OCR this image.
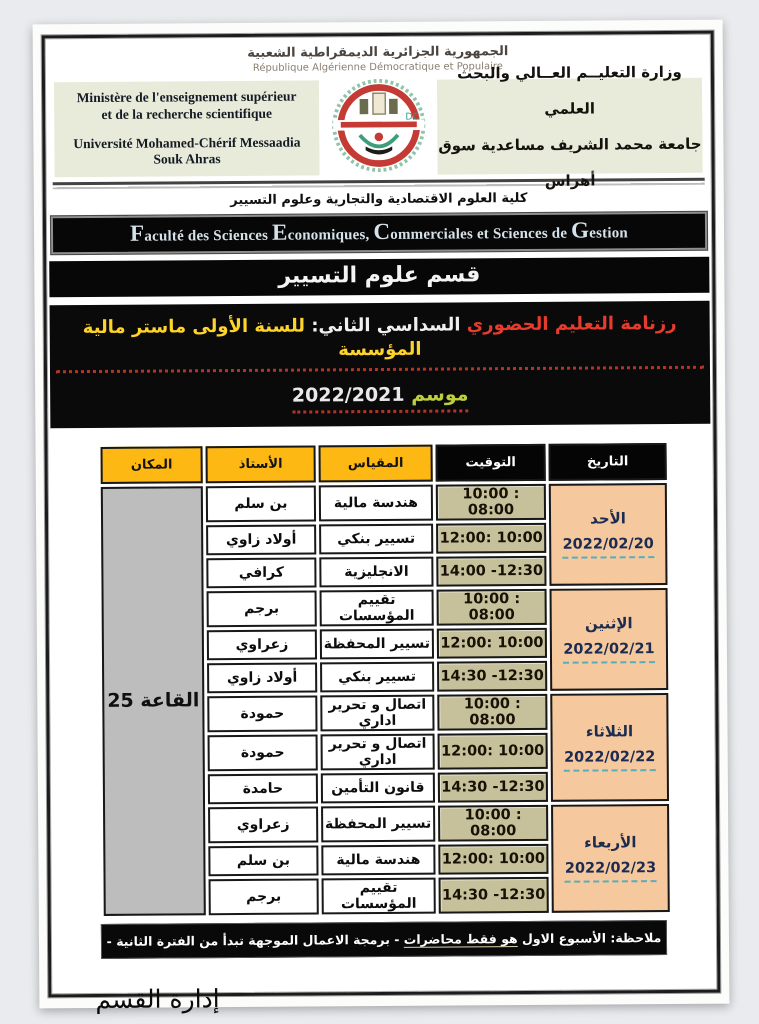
الجمهورية الجزائرية الديمقراطية الشعبية
République Algérienne Démocratique et Populaire
Ministère de l'enseignement supérieur
et de la recherche scientifique
Université Mohamed-Chérif Messaadia
Souk Ahras
DC
وزارة التعليــم العــالي والبحث العلمي
جامعة محمد الشريف مساعدية سوق أهراس
كلية العلوم الاقتصادية والتجارية وعلوم التسيير
Faculté des Sciences Economiques, Commerciales et Sciences de Gestion
قسم علوم التسيير
رزنامة التعليم الحضوري السداسي الثاني: للسنة الأولى ماستر مالية المؤسسة
موسم 2022/2021
التاريخ	التوقيت	المقياس	الأستاذ	المكان

الأحد
2022/02/20	10:00 : 08:00	هندسة مالية	بن سلم	القاعة 25
	12:00: 10:00	تسيير بنكي	أولاد زاوي	
	14:00 -12:30	الانجليزية	كرافي	

الإثنين
2022/02/21	10:00 : 08:00	تقييم المؤسسات	برجم	
	12:00: 10:00	تسيير المحفظة	زعراوي	
	14:30 -12:30	تسيير بنكي	أولاد زاوي	

الثلاثاء
2022/02/22	10:00 : 08:00	اتصال و تحرير اداري	حمودة	
	12:00: 10:00	اتصال و تحرير اداري	حمودة	
	14:30 -12:30	قانون التأمين	حامدة	

الأربعاء
2022/02/23	10:00 : 08:00	تسيير المحفظة	زعراوي	
	12:00: 10:00	هندسة مالية	بن سلم	
	14:30 -12:30	تقييم المؤسسات	برجم	
ملاحظة: الأسبوع الاول هو فقط محاضرات - برمجة الاعمال الموجهة تبدأ من الفترة الثانية -
إدارة القسم
